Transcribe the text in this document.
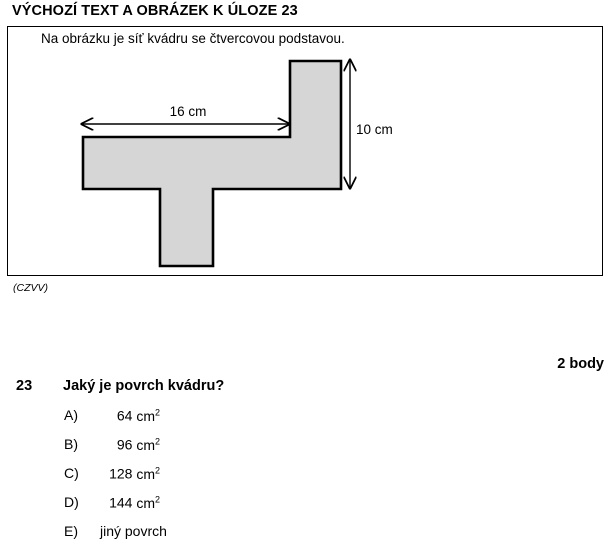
VÝCHOZÍ TEXT A OBRÁZEK K ÚLOZE 23
Na obrázku je síť kvádru se čtvercovou podstavou.
16 cm
10 cm
(CZVV)
2 body
23 Jaký je povrch kvádru?
A)	64 $cm^2$
B)	96 $cm^2$
C)	128 $cm^2$
D)	144 $cm^2$
E) jiný povrch
